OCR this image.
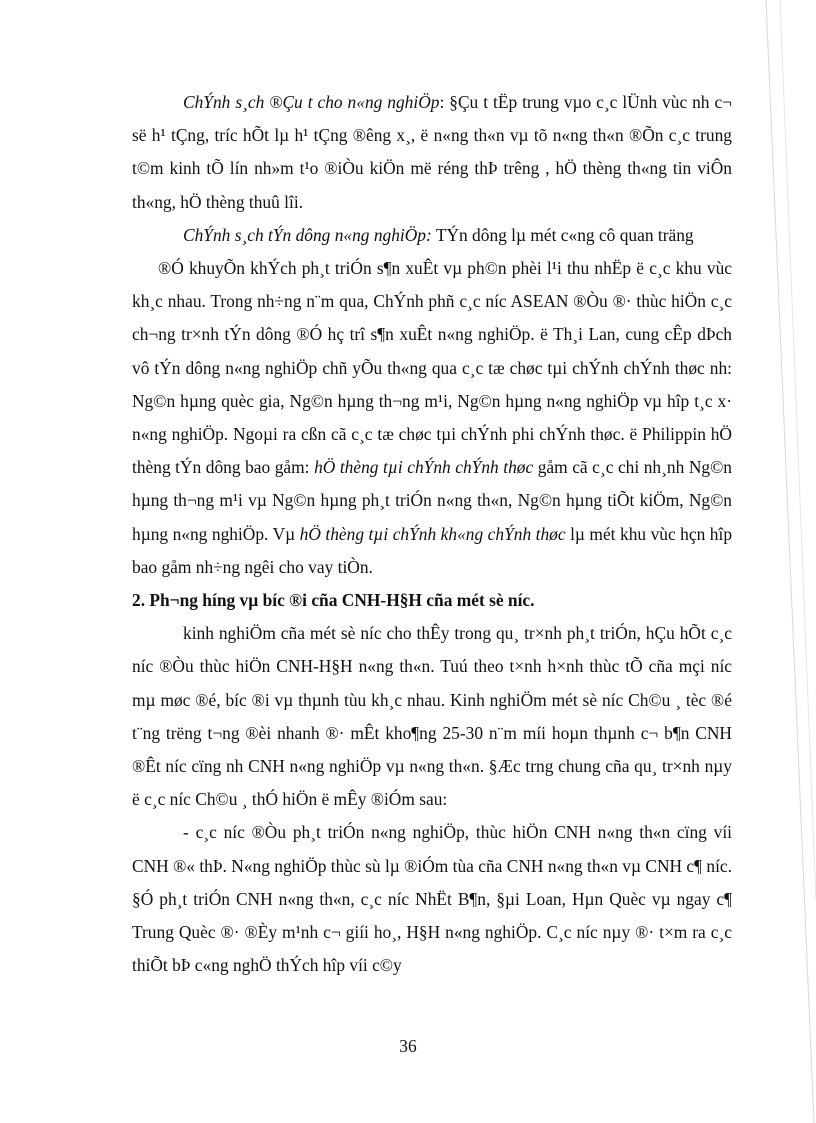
ChÝnh s¸ch ®Çu t cho n«ng nghiÖp: §Çu t tËp trung vµo c¸c lÜnh vùc nh c¬ së h¹ tÇng, tríc hÕt lµ h¹ tÇng ®êng x¸, ë n«ng th«n vµ tõ n«ng th«n ®Õn c¸c trung t©m kinh tÕ lín nh»m t¹o ®iÒu kiÖn më réng thÞ trêng , hÖ thèng th«ng tin viÔn th«ng, hÖ thèng thuû lîi.

ChÝnh s¸ch tÝn dông n«ng nghiÖp: TÝn dông lµ mét c«ng cô quan träng

®Ó khuyÕn khÝch ph¸t triÓn s¶n xuÊt vµ ph©n phèi l¹i thu nhËp ë c¸c khu vùc kh¸c nhau. Trong nh÷ng n¨m qua, ChÝnh phñ c¸c níc ASEAN ®Òu ®· thùc hiÖn c¸c ch¬ng tr×nh tÝn dông ®Ó hç trî s¶n xuÊt n«ng nghiÖp. ë Th¸i Lan, cung cÊp dÞch vô tÝn dông n«ng nghiÖp chñ yÕu th«ng qua c¸c tæ chøc tµi chÝnh chÝnh thøc nh: Ng©n hµng quèc gia, Ng©n hµng th¬ng m¹i, Ng©n hµng n«ng nghiÖp vµ hîp t¸c x· n«ng nghiÖp. Ngoµi ra cßn cã c¸c tæ chøc tµi chÝnh phi chÝnh thøc. ë Philippin hÖ thèng tÝn dông bao gåm: hÖ thèng tµi chÝnh chÝnh thøc gåm cã c¸c chi nh¸nh Ng©n hµng th¬ng m¹i vµ Ng©n hµng ph¸t triÓn n«ng th«n, Ng©n hµng tiÕt kiÖm, Ng©n hµng n«ng nghiÖp. Vµ hÖ thèng tµi chÝnh kh«ng chÝnh thøc lµ mét khu vùc hçn hîp bao gåm nh÷ng ngêi cho vay tiÒn.

2. Ph¬ng híng vµ bíc ®i cña CNH-H§H cña mét sè níc.

kinh nghiÖm cña mét sè níc cho thÊy trong qu¸ tr×nh ph¸t triÓn, hÇu hÕt c¸c níc ®Òu thùc hiÖn CNH-H§H n«ng th«n. Tuú theo t×nh h×nh thùc tÕ cña mçi níc mµ møc ®é, bíc ®i vµ thµnh tùu kh¸c nhau. Kinh nghiÖm mét sè níc Ch©u ¸ tèc ®é t¨ng trëng t¬ng ®èi nhanh ®· mÊt kho¶ng 25-30 n¨m míi hoµn thµnh c¬ b¶n CNH ®Êt níc cïng nh CNH n«ng nghiÖp vµ n«ng th«n. §Æc trng chung cña qu¸ tr×nh nµy ë c¸c níc Ch©u ¸ thÓ hiÖn ë mÊy ®iÓm sau:

- c¸c níc ®Òu ph¸t triÓn n«ng nghiÖp, thùc hiÖn CNH n«ng th«n cïng víi CNH ®« thÞ. N«ng nghiÖp thùc sù lµ ®iÓm tùa cña CNH n«ng th«n vµ CNH c¶ níc. §Ó ph¸t triÓn CNH n«ng th«n, c¸c níc NhËt B¶n, §µi Loan, Hµn Quèc vµ ngay c¶ Trung Quèc ®· ®Èy m¹nh c¬ giíi ho¸, H§H n«ng nghiÖp. C¸c níc nµy ®· t×m ra c¸c thiÕt bÞ c«ng nghÖ thÝch hîp víi c©y

36
